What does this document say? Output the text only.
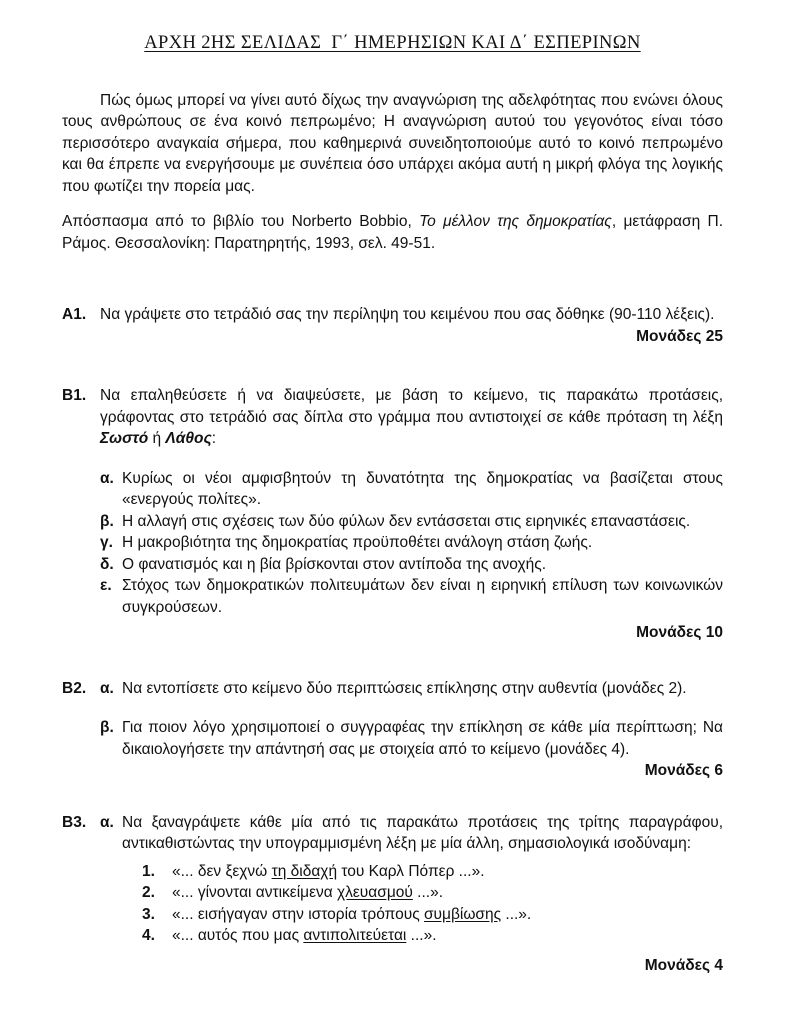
ΑΡΧΗ 2ΗΣ ΣΕΛΙΔΑΣ  Γ΄ ΗΜΕΡΗΣΙΩΝ ΚΑΙ Δ΄ ΕΣΠΕΡΙΝΩΝ

Πώς όμως μπορεί να γίνει αυτό δίχως την αναγνώριση της αδελφότητας που ενώνει όλους τους ανθρώπους σε ένα κοινό πεπρωμένο; Η αναγνώριση αυτού του γεγονότος είναι τόσο περισσότερο αναγκαία σήμερα, που καθημερινά συνειδητοποιούμε αυτό το κοινό πεπρωμένο και θα έπρεπε να ενεργήσουμε με συνέπεια όσο υπάρχει ακόμα αυτή η μικρή φλόγα της λογικής που φωτίζει την πορεία μας.

Απόσπασμα από το βιβλίο του Norberto Bobbio, Το μέλλον της δημοκρατίας, μετάφραση Π. Ράμος. Θεσσαλονίκη: Παρατηρητής, 1993, σελ. 49-51.

Α1. Να γράψετε στο τετράδιό σας την περίληψη του κειμένου που σας δόθηκε (90-110 λέξεις).

Μονάδες 25
Β1. Να επαληθεύσετε ή να διαψεύσετε, με βάση το κείμενο, τις παρακάτω προτάσεις, γράφοντας στο τετράδιό σας δίπλα στο γράμμα που αντιστοιχεί σε κάθε πρόταση τη λέξη Σωστό ή Λάθος:

α. Κυρίως οι νέοι αμφισβητούν τη δυνατότητα της δημοκρατίας να βασίζεται στους «ενεργούς πολίτες».

β. Η αλλαγή στις σχέσεις των δύο φύλων δεν εντάσσεται στις ειρηνικές επαναστάσεις.

γ. Η μακροβιότητα της δημοκρατίας προϋποθέτει ανάλογη στάση ζωής.

δ. Ο φανατισμός και η βία βρίσκονται στον αντίποδα της ανοχής.

ε. Στόχος των δημοκρατικών πολιτευμάτων δεν είναι η ειρηνική επίλυση των κοινωνικών συγκρούσεων.

Μονάδες 10
Β2. α. Να εντοπίσετε στο κείμενο δύο περιπτώσεις επίκλησης στην αυθεντία (μονάδες 2).

β. Για ποιον λόγο χρησιμοποιεί ο συγγραφέας την επίκληση σε κάθε μία περίπτωση; Να δικαιολογήσετε την απάντησή σας με στοιχεία από το κείμενο (μονάδες 4).

Μονάδες 6
Β3. α. Να ξαναγράψετε κάθε μία από τις παρακάτω προτάσεις της τρίτης παραγράφου, αντικαθιστώντας την υπογραμμισμένη λέξη με μία άλλη, σημασιολογικά ισοδύναμη:

1.	«... δεν ξεχνώ τη διδαχή του Καρλ Πόπερ ...».
2.	«... γίνονται αντικείμενα χλευασμού ...».
3.	«... εισήγαγαν στην ιστορία τρόπους συμβίωσης ...».
4.	«... αυτός που μας αντιπολιτεύεται ...».
Μονάδες 4
